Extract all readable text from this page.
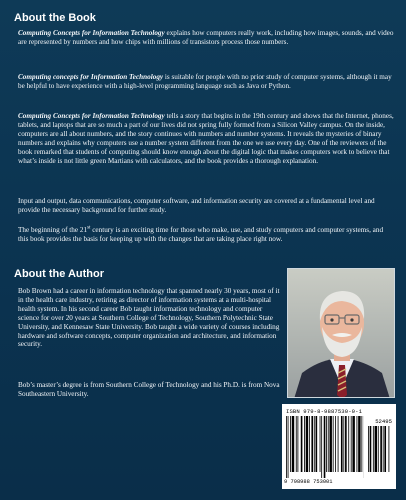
About the Book

Computing Concepts for Information Technology explains how computers really work, including how images, sounds, and video are represented by numbers and how chips with millions of transistors process those numbers.

Computing concepts for Information Technology is suitable for people with no prior study of computer systems, although it may be helpful to have experience with a high-level programming language such as Java or Python.

Computing Concepts for Information Technology tells a story that begins in the 19th century and shows that the Internet, phones, tablets, and laptops that are so much a part of our lives did not spring fully formed from a Silicon Valley campus. On the inside, computers are all about numbers, and the story continues with numbers and number systems. It reveals the mysteries of binary numbers and explains why computers use a number system different from the one we use every day. One of the reviewers of the book remarked that students of computing should know enough about the digital logic that makes computers work to believe that what’s inside is not little green Martians with calculators, and the book provides a thorough explanation.

Input and output, data communications, computer software, and information security are covered at a fundamental level and provide the necessary background for further study.

The beginning of the 21st century is an exciting time for those who make, use, and study computers and computer systems, and this book provides the basis for keeping up with the changes that are taking place right now.

About the Author

Bob Brown had a career in information technology that spanned nearly 30 years, most of it in the health care industry, retiring as director of information systems at a multi-hospital health system. In his second career Bob taught information technology and computer science for over 20 years at Southern College of Technology, Southern Polytechnic State University, and Kennesaw State University. Bob taught a wide variety of courses including hardware and software concepts, computer organization and architecture, and information security.

Bob’s master’s degree is from Southern College of Technology and his Ph.D. is from Nova Southeastern University.

ISBN 979-8-9887530-0-1
52495
9 798988 753001
